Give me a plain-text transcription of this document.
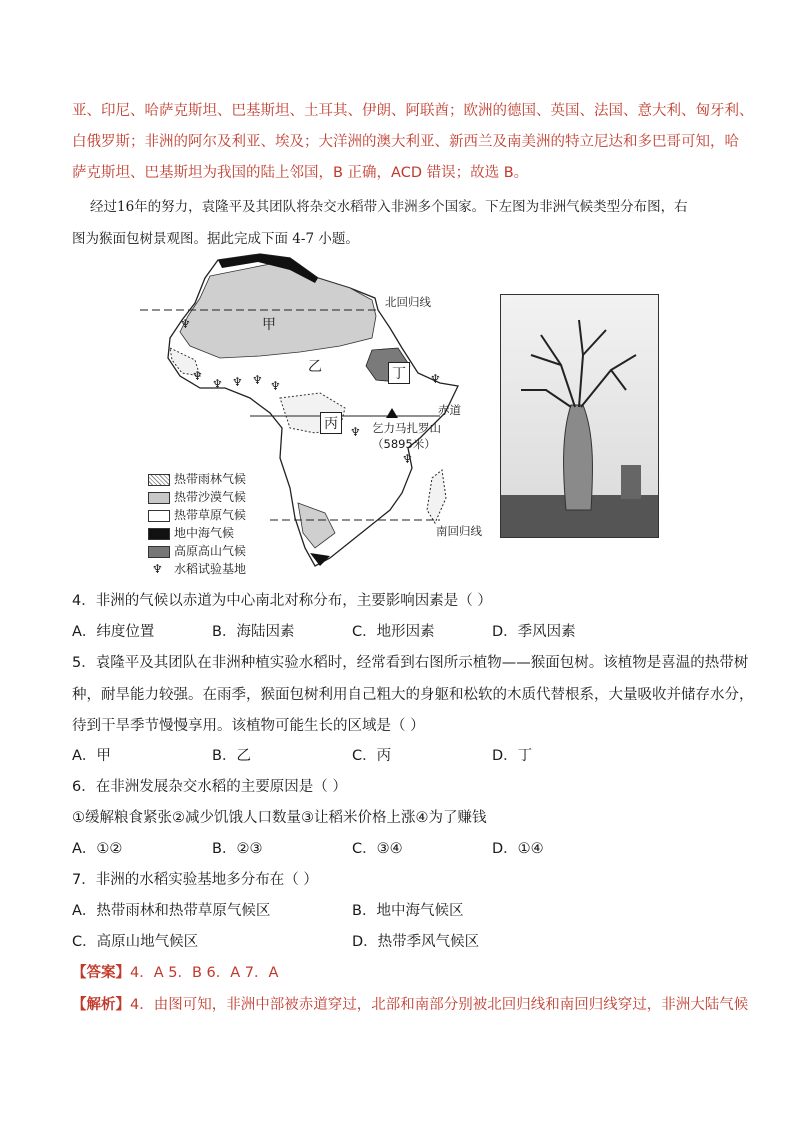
亚、印尼、哈萨克斯坦、巴基斯坦、土耳其、伊朗、阿联酋；欧洲的德国、英国、法国、意大利、匈牙利、
白俄罗斯；非洲的阿尔及利亚、埃及；大洋洲的澳大利亚、新西兰及南美洲的特立尼达和多巴哥可知，哈
萨克斯坦、巴基斯坦为我国的陆上邻国，B 正确，ACD 错误；故选 B。
经过16年的努力，袁隆平及其团队将杂交水稻带入非洲多个国家。下左图为非洲气候类型分布图，右
图为猴面包树景观图。据此完成下面 4-7 小题。
♆
♆
♆ ♆ ♆ ♆	♆
♆
♆
甲
乙
丙
丁
北回归线
赤道
乞力马扎罗山
（5895米）
南回归线
热带雨林气候
热带沙漠气候
热带草原气候
地中海气候
高原高山气候
♆ 水稻试验基地
4．非洲的气候以赤道为中心南北对称分布，主要影响因素是（ ）
A．纬度位置	B．海陆因素	C．地形因素	D．季风因素
5．袁隆平及其团队在非洲种植实验水稻时，经常看到右图所示植物——猴面包树。该植物是喜温的热带树
种，耐旱能力较强。在雨季，猴面包树利用自己粗大的身躯和松软的木质代替根系，大量吸收并储存水分，
待到干旱季节慢慢享用。该植物可能生长的区域是（ ）
A．甲	B．乙	C．丙	D．丁
6．在非洲发展杂交水稻的主要原因是（ ）
①缓解粮食紧张②减少饥饿人口数量③让稻米价格上涨④为了赚钱
A．①②	B．②③	C．③④	D．①④
7．非洲的水稻实验基地多分布在（ ）
A．热带雨林和热带草原气候区	B．地中海气候区
C．高原山地气候区	D．热带季风气候区
【答案】4．A 5．B 6．A 7．A
【解析】4．由图可知，非洲中部被赤道穿过，北部和南部分别被北回归线和南回归线穿过，非洲大陆气候
